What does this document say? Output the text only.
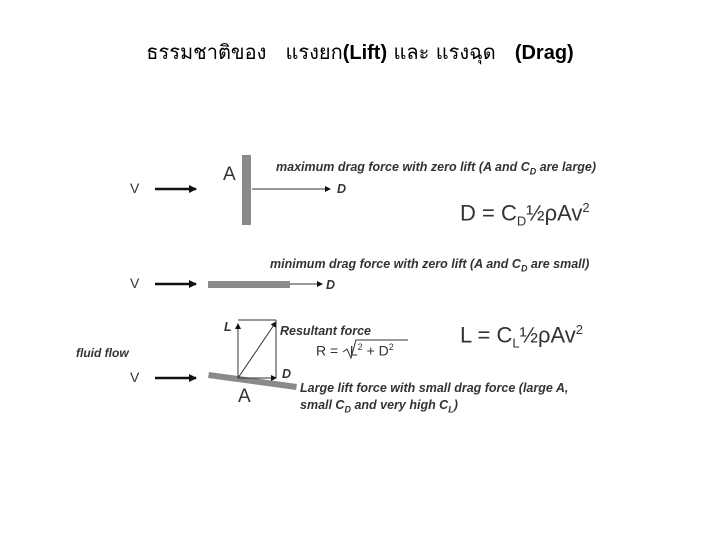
ธรรมชาติของ แรงยก(Lift) และ แรงฉุด (Drag)
V
A
D
maximum drag force with zero lift (A and $C_D$ are large)
$D = C_D\frac{1}{2}\rho Av^2$
V	D
minimum drag force with zero lift (A and $C_D$ are small)
fluid flow
V
L
D
A
Resultant force
$R = L^2 + D^2$	$L = C_L\frac{1}{2}\rho Av^2$
Large lift force with small drag force (large A,
small $C_D$ and very high $C_L$)
